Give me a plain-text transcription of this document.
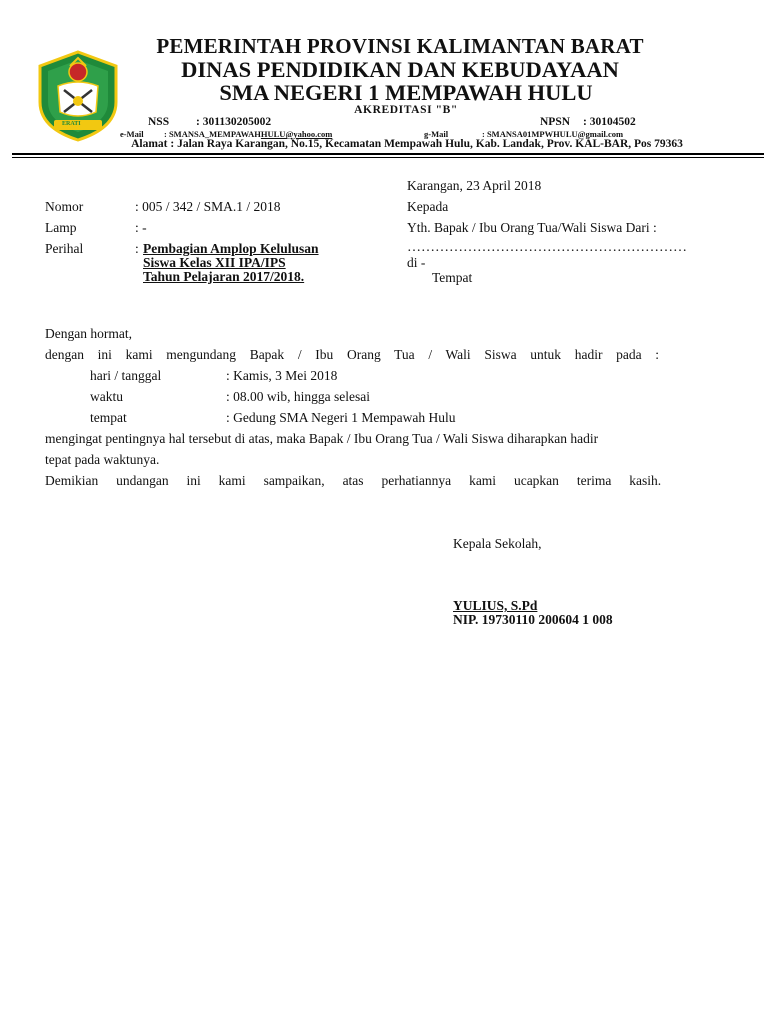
ERATI
PEMERINTAH PROVINSI KALIMANTAN BARAT
DINAS PENDIDIKAN DAN KEBUDAYAAN
SMA NEGERI 1 MEMPAWAH HULU
AKREDITASI "B"
NSS : 301130205002	NPSN : 30104502
e-Mail : SMANSA_MEMPAWAHHULU@yahoo.com	g-Mail	: SMANSA01MPWHULU@gmail.com
Alamat : Jalan Raya Karangan, No.15, Kecamatan Mempawah Hulu, Kab. Landak, Prov. KAL-BAR, Pos 79363
Karangan, 23 April 2018
Nomor	: 005 / 342 / SMA.1 / 2018
Lamp	: -
Perihal	: Pembagian Amplop Kelulusan
Siswa Kelas XII IPA/IPS
Tahun Pelajaran 2017/2018.
Kepada
Yth. Bapak / Ibu Orang Tua/Wali Siswa Dari :
……………………………………………………
di -
Tempat
Dengan hormat,
dengan ini kami mengundang Bapak / Ibu Orang Tua / Wali Siswa untuk hadir pada :
hari / tanggal	: Kamis, 3 Mei 2018
waktu	: 08.00 wib, hingga selesai
tempat	: Gedung SMA Negeri 1 Mempawah Hulu
mengingat pentingnya hal tersebut di atas, maka Bapak / Ibu Orang Tua / Wali Siswa diharapkan hadir
tepat pada waktunya.
Demikian undangan ini kami sampaikan, atas perhatiannya kami ucapkan terima kasih.
Kepala Sekolah,
YULIUS, S.Pd
NIP. 19730110 200604 1 008
